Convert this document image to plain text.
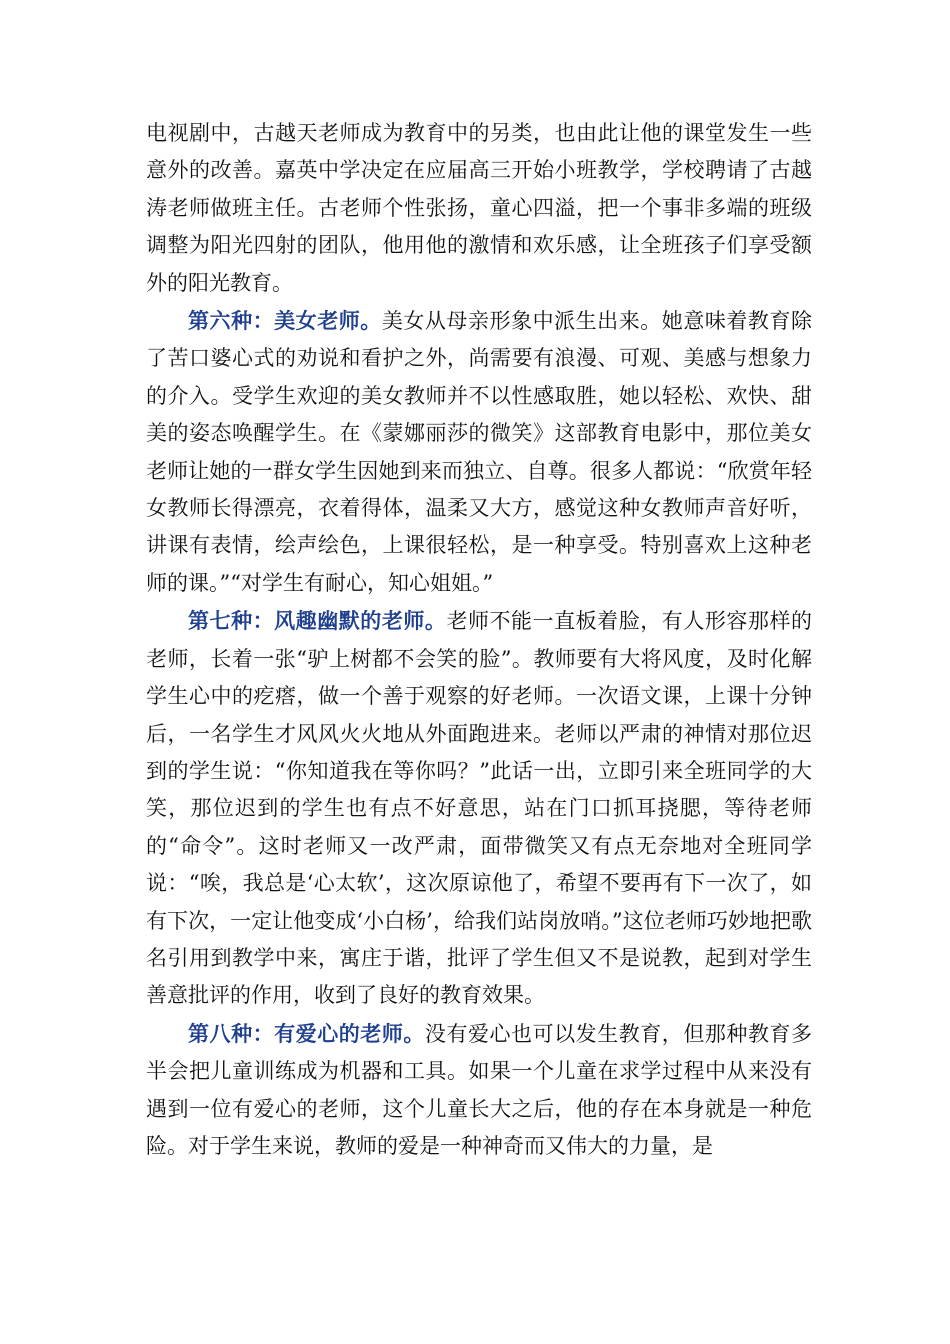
电视剧中，古越天老师成为教育中的另类，也由此让他的课堂发生一些意外的改善。嘉英中学决定在应届高三开始小班教学，学校聘请了古越涛老师做班主任。古老师个性张扬，童心四溢，把一个事非多端的班级调整为阳光四射的团队，他用他的激情和欢乐感，让全班孩子们享受额外的阳光教育。

第六种：美女老师。美女从母亲形象中派生出来。她意味着教育除了苦口婆心式的劝说和看护之外，尚需要有浪漫、可观、美感与想象力的介入。受学生欢迎的美女教师并不以性感取胜，她以轻松、欢快、甜美的姿态唤醒学生。在《蒙娜丽莎的微笑》这部教育电影中，那位美女老师让她的一群女学生因她到来而独立、自尊。很多人都说：“欣赏年轻女教师长得漂亮，衣着得体，温柔又大方，感觉这种女教师声音好听，讲课有表情，绘声绘色，上课很轻松，是一种享受。特别喜欢上这种老师的课。”“对学生有耐心，知心姐姐。”

第七种：风趣幽默的老师。老师不能一直板着脸，有人形容那样的老师，长着一张“驴上树都不会笑的脸”。教师要有大将风度，及时化解学生心中的疙瘩，做一个善于观察的好老师。一次语文课，上课十分钟后，一名学生才风风火火地从外面跑进来。老师以严肃的神情对那位迟到的学生说：“你知道我在等你吗？”此话一出，立即引来全班同学的大笑，那位迟到的学生也有点不好意思，站在门口抓耳挠腮，等待老师的“命令”。这时老师又一改严肃，面带微笑又有点无奈地对全班同学说：“唉，我总是‘心太软’，这次原谅他了，希望不要再有下一次了，如有下次，一定让他变成‘小白杨’，给我们站岗放哨。”这位老师巧妙地把歌名引用到教学中来，寓庄于谐，批评了学生但又不是说教，起到对学生善意批评的作用，收到了良好的教育效果。

第八种：有爱心的老师。没有爱心也可以发生教育，但那种教育多半会把儿童训练成为机器和工具。如果一个儿童在求学过程中从来没有遇到一位有爱心的老师，这个儿童长大之后，他的存在本身就是一种危险。对于学生来说，教师的爱是一种神奇而又伟大的力量，是
